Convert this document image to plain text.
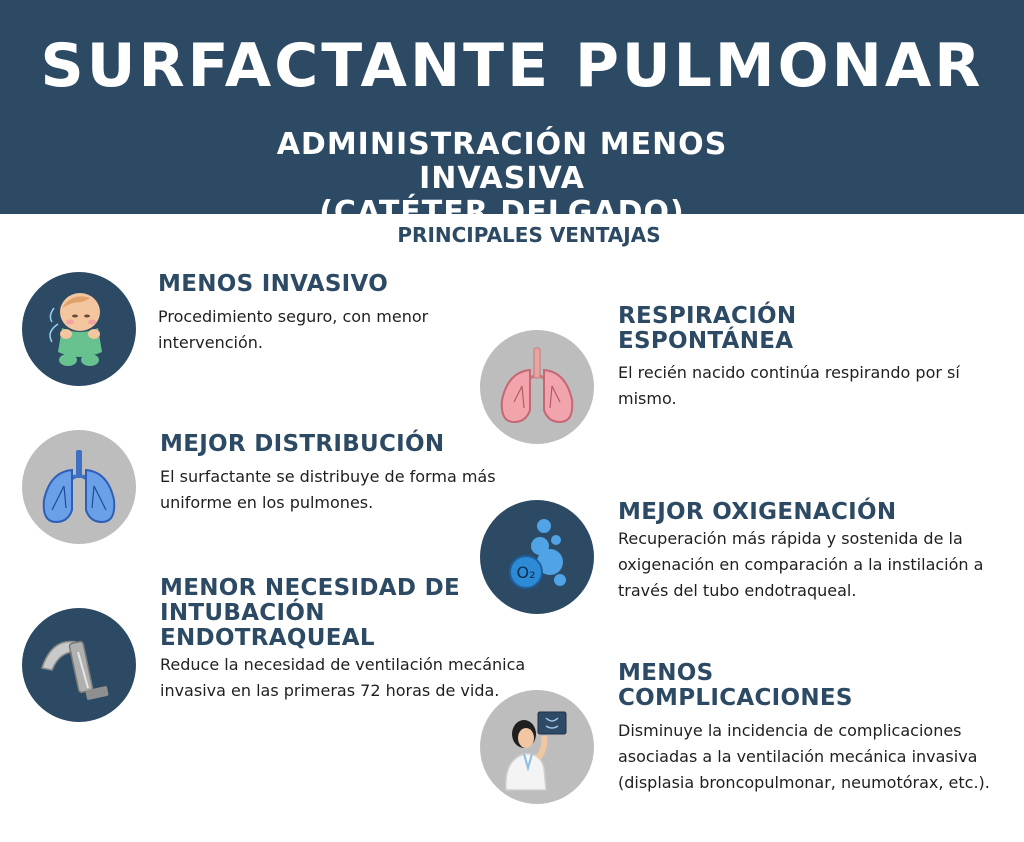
SURFACTANTE PULMONAR
ADMINISTRACIÓN MENOS INVASIVA
(CATÉTER DELGADO)
PRINCIPALES VENTAJAS
MENOS INVASIVO
Procedimiento seguro, con menor intervención.
MEJOR DISTRIBUCIÓN
El surfactante se distribuye de forma más uniforme en los pulmones.
MENOR NECESIDAD DE
INTUBACIÓN
ENDOTRAQUEAL
Reduce la necesidad de ventilación mecánica invasiva en las primeras 72 horas de vida.
RESPIRACIÓN
ESPONTÁNEA
El recién nacido continúa respirando por sí mismo.
O₂
MEJOR OXIGENACIÓN
Recuperación más rápida y sostenida de la oxigenación en comparación a la instilación a través del tubo endotraqueal.
MENOS
COMPLICACIONES
Disminuye la incidencia de complicaciones asociadas a la ventilación mecánica invasiva (displasia broncopulmonar, neumotórax, etc.).
